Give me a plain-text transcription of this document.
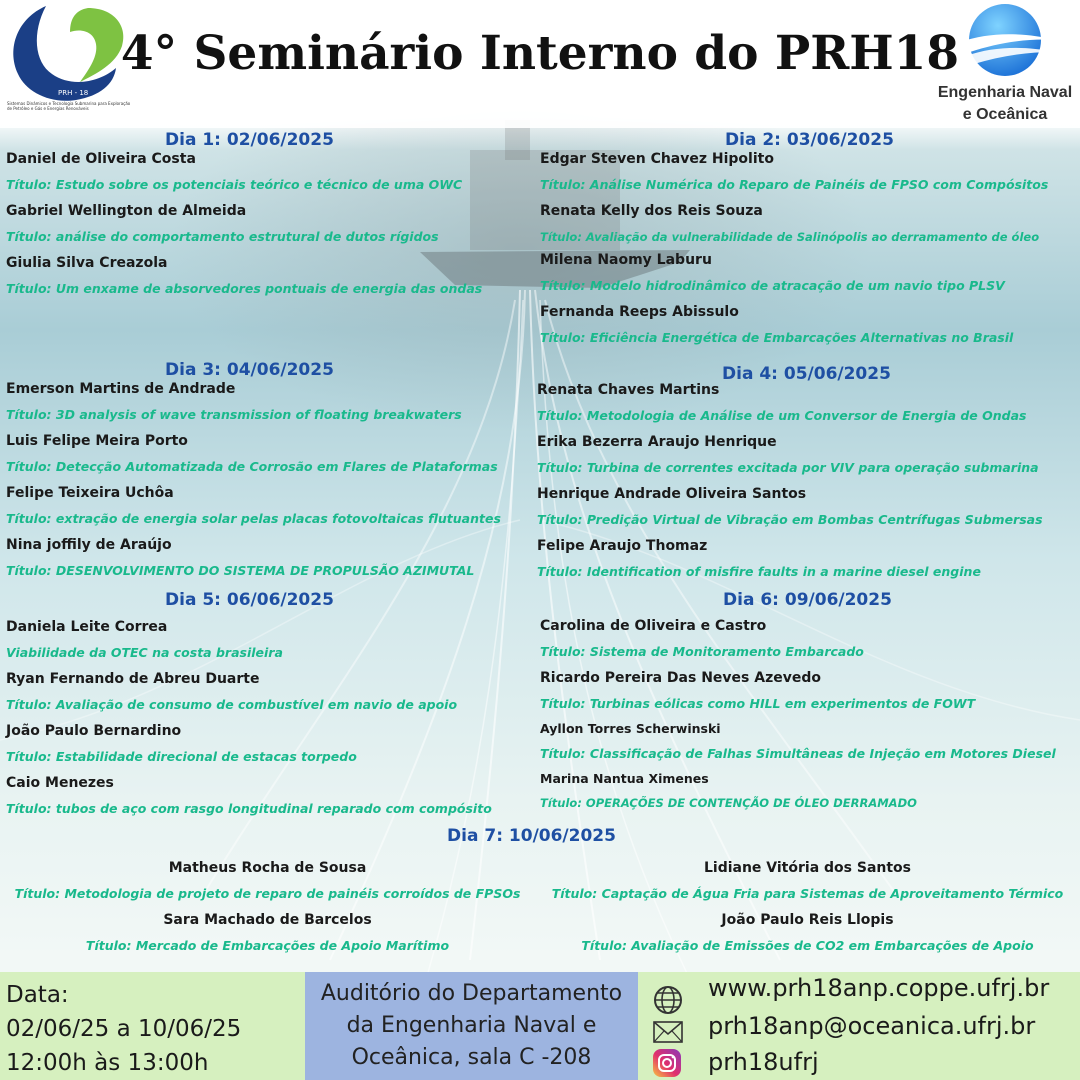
PRH - 18
Sistemas Dinâmicos e Tecnologia Submarina para Exploração de Petróleo e Gás e Energias Renováveis
4° Seminário Interno do PRH18
Engenharia Naval
e Oceânica
Dia 1: 02/06/2025
Daniel de Oliveira Costa
Título: Estudo sobre os potenciais teórico e técnico de uma OWC
Gabriel Wellington de Almeida
Título: análise do comportamento estrutural de dutos rígidos
Giulia Silva Creazola
Título: Um enxame de absorvedores pontuais de energia das ondas
Dia 2: 03/06/2025
Edgar Steven Chavez Hipolito
Título: Análise Numérica do Reparo de Painéis de FPSO com Compósitos
Renata Kelly dos Reis Souza
Título: Avaliação da vulnerabilidade de Salinópolis ao derramamento de óleo
Milena Naomy Laburu
Título: Modelo hidrodinâmico de atracação de um navio tipo PLSV
Fernanda Reeps Abissulo
Título: Eficiência Energética de Embarcações Alternativas no Brasil
Dia 3: 04/06/2025
Emerson Martins de Andrade
Título: 3D analysis of wave transmission of floating breakwaters
Luis Felipe Meira Porto
Título: Detecção Automatizada de Corrosão em Flares de Plataformas
Felipe Teixeira Uchôa
Título: extração de energia solar pelas placas fotovoltaicas flutuantes
Nina joffily de Araújo
Título: DESENVOLVIMENTO DO SISTEMA DE PROPULSÃO AZIMUTAL
Dia 4: 05/06/2025
Renata Chaves Martins
Título: Metodologia de Análise de um Conversor de Energia de Ondas
Erika Bezerra Araujo Henrique
Título: Turbina de correntes excitada por VIV para operação submarina
Henrique Andrade Oliveira Santos
Título: Predição Virtual de Vibração em Bombas Centrífugas Submersas
Felipe Araujo Thomaz
Título: Identification of misfire faults in a marine diesel engine
Dia 5: 06/06/2025
Daniela Leite Correa
Viabilidade da OTEC na costa brasileira
Ryan Fernando de Abreu Duarte
Título: Avaliação de consumo de combustível em navio de apoio
João Paulo Bernardino
Título: Estabilidade direcional de estacas torpedo
Caio Menezes
Título: tubos de aço com rasgo longitudinal reparado com compósito
Dia 6: 09/06/2025
Carolina de Oliveira e Castro
Título: Sistema de Monitoramento Embarcado
Ricardo Pereira Das Neves Azevedo
Título: Turbinas eólicas como HILL em experimentos de FOWT
Ayllon Torres Scherwinski
Título: Classificação de Falhas Simultâneas de Injeção em Motores Diesel
Marina Nantua Ximenes
Título: OPERAÇÕES DE CONTENÇÃO DE ÓLEO DERRAMADO
Dia 7: 10/06/2025
Matheus Rocha de Sousa
Título: Metodologia de projeto de reparo de painéis corroídos de FPSOs
Lidiane Vitória dos Santos
Título: Captação de Água Fria para Sistemas de Aproveitamento Térmico
Sara Machado de Barcelos
Título: Mercado de Embarcações de Apoio Marítimo
João Paulo Reis Llopis
Título: Avaliação de Emissões de CO2 em Embarcações de Apoio
Data:
02/06/25 a 10/06/25
12:00h às 13:00h

Auditório do Departamento
da Engenharia Naval e
Oceânica, sala C -208

www.prh18anp.coppe.ufrj.br
prh18anp@oceanica.ufrj.br
prh18ufrj
